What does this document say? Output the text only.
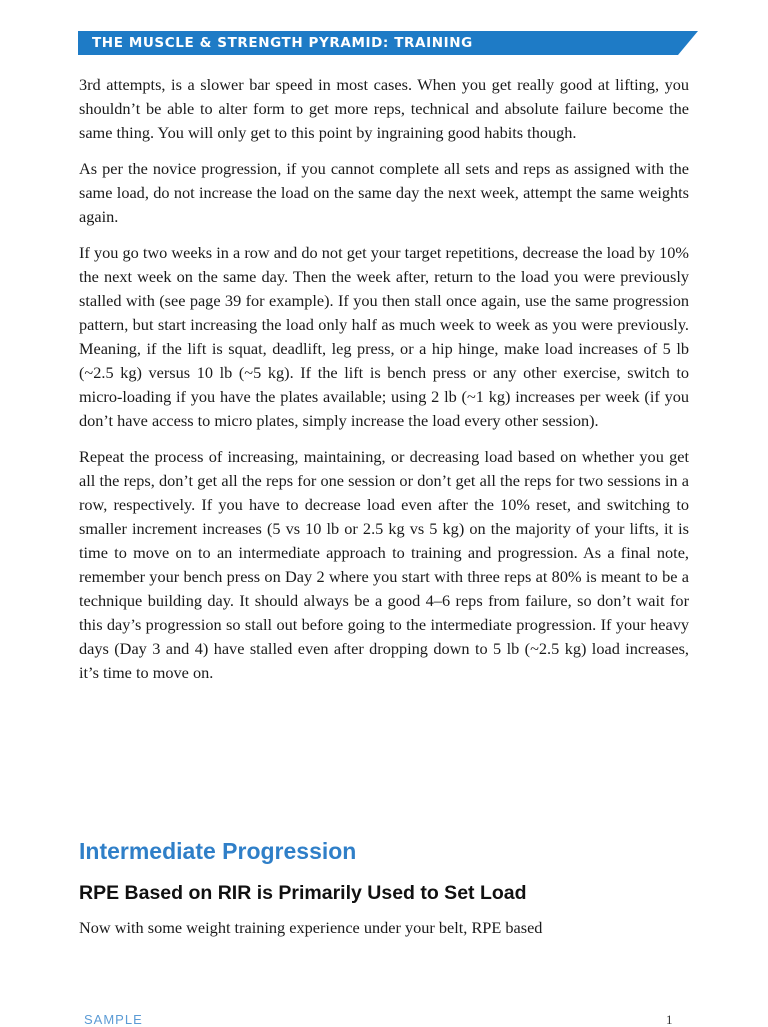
THE MUSCLE & STRENGTH PYRAMID: TRAINING

3rd attempts, is a slower bar speed in most cases. When you get really good at lifting, you shouldn’t be able to alter form to get more reps, technical and absolute failure become the same thing. You will only get to this point by ingraining good habits though.

As per the novice progression, if you cannot complete all sets and reps as assigned with the same load, do not increase the load on the same day the next week, attempt the same weights again.

If you go two weeks in a row and do not get your target repetitions, decrease the load by 10% the next week on the same day. Then the week after, return to the load you were previously stalled with (see page 39 for example). If you then stall once again, use the same progression pattern, but start increasing the load only half as much week to week as you were previously. Meaning, if the lift is squat, deadlift, leg press, or a hip hinge, make load increases of 5 lb (~2.5 kg) versus 10 lb (~5 kg). If the lift is bench press or any other exercise, switch to micro-loading if you have the plates available; using 2 lb (~1 kg) increases per week (if you don’t have access to micro plates, simply increase the load every other session).

Repeat the process of increasing, maintaining, or decreasing load based on whether you get all the reps, don’t get all the reps for one session or don’t get all the reps for two sessions in a row, respectively. If you have to decrease load even after the 10% reset, and switching to smaller increment increases (5 vs 10 lb or 2.5 kg vs 5 kg) on the majority of your lifts, it is time to move on to an intermediate approach to training and progression. As a final note, remember your bench press on Day 2 where you start with three reps at 80% is meant to be a technique building day. It should always be a good 4–6 reps from failure, so don’t wait for this day’s progression so stall out before going to the intermediate progression. If your heavy days (Day 3 and 4) have stalled even after dropping down to 5 lb (~2.5 kg) load increases, it’s time to move on.

Intermediate Progression
RPE Based on RIR is Primarily Used to Set Load
Now with some weight training experience under your belt, RPE based
SAMPLE	1
